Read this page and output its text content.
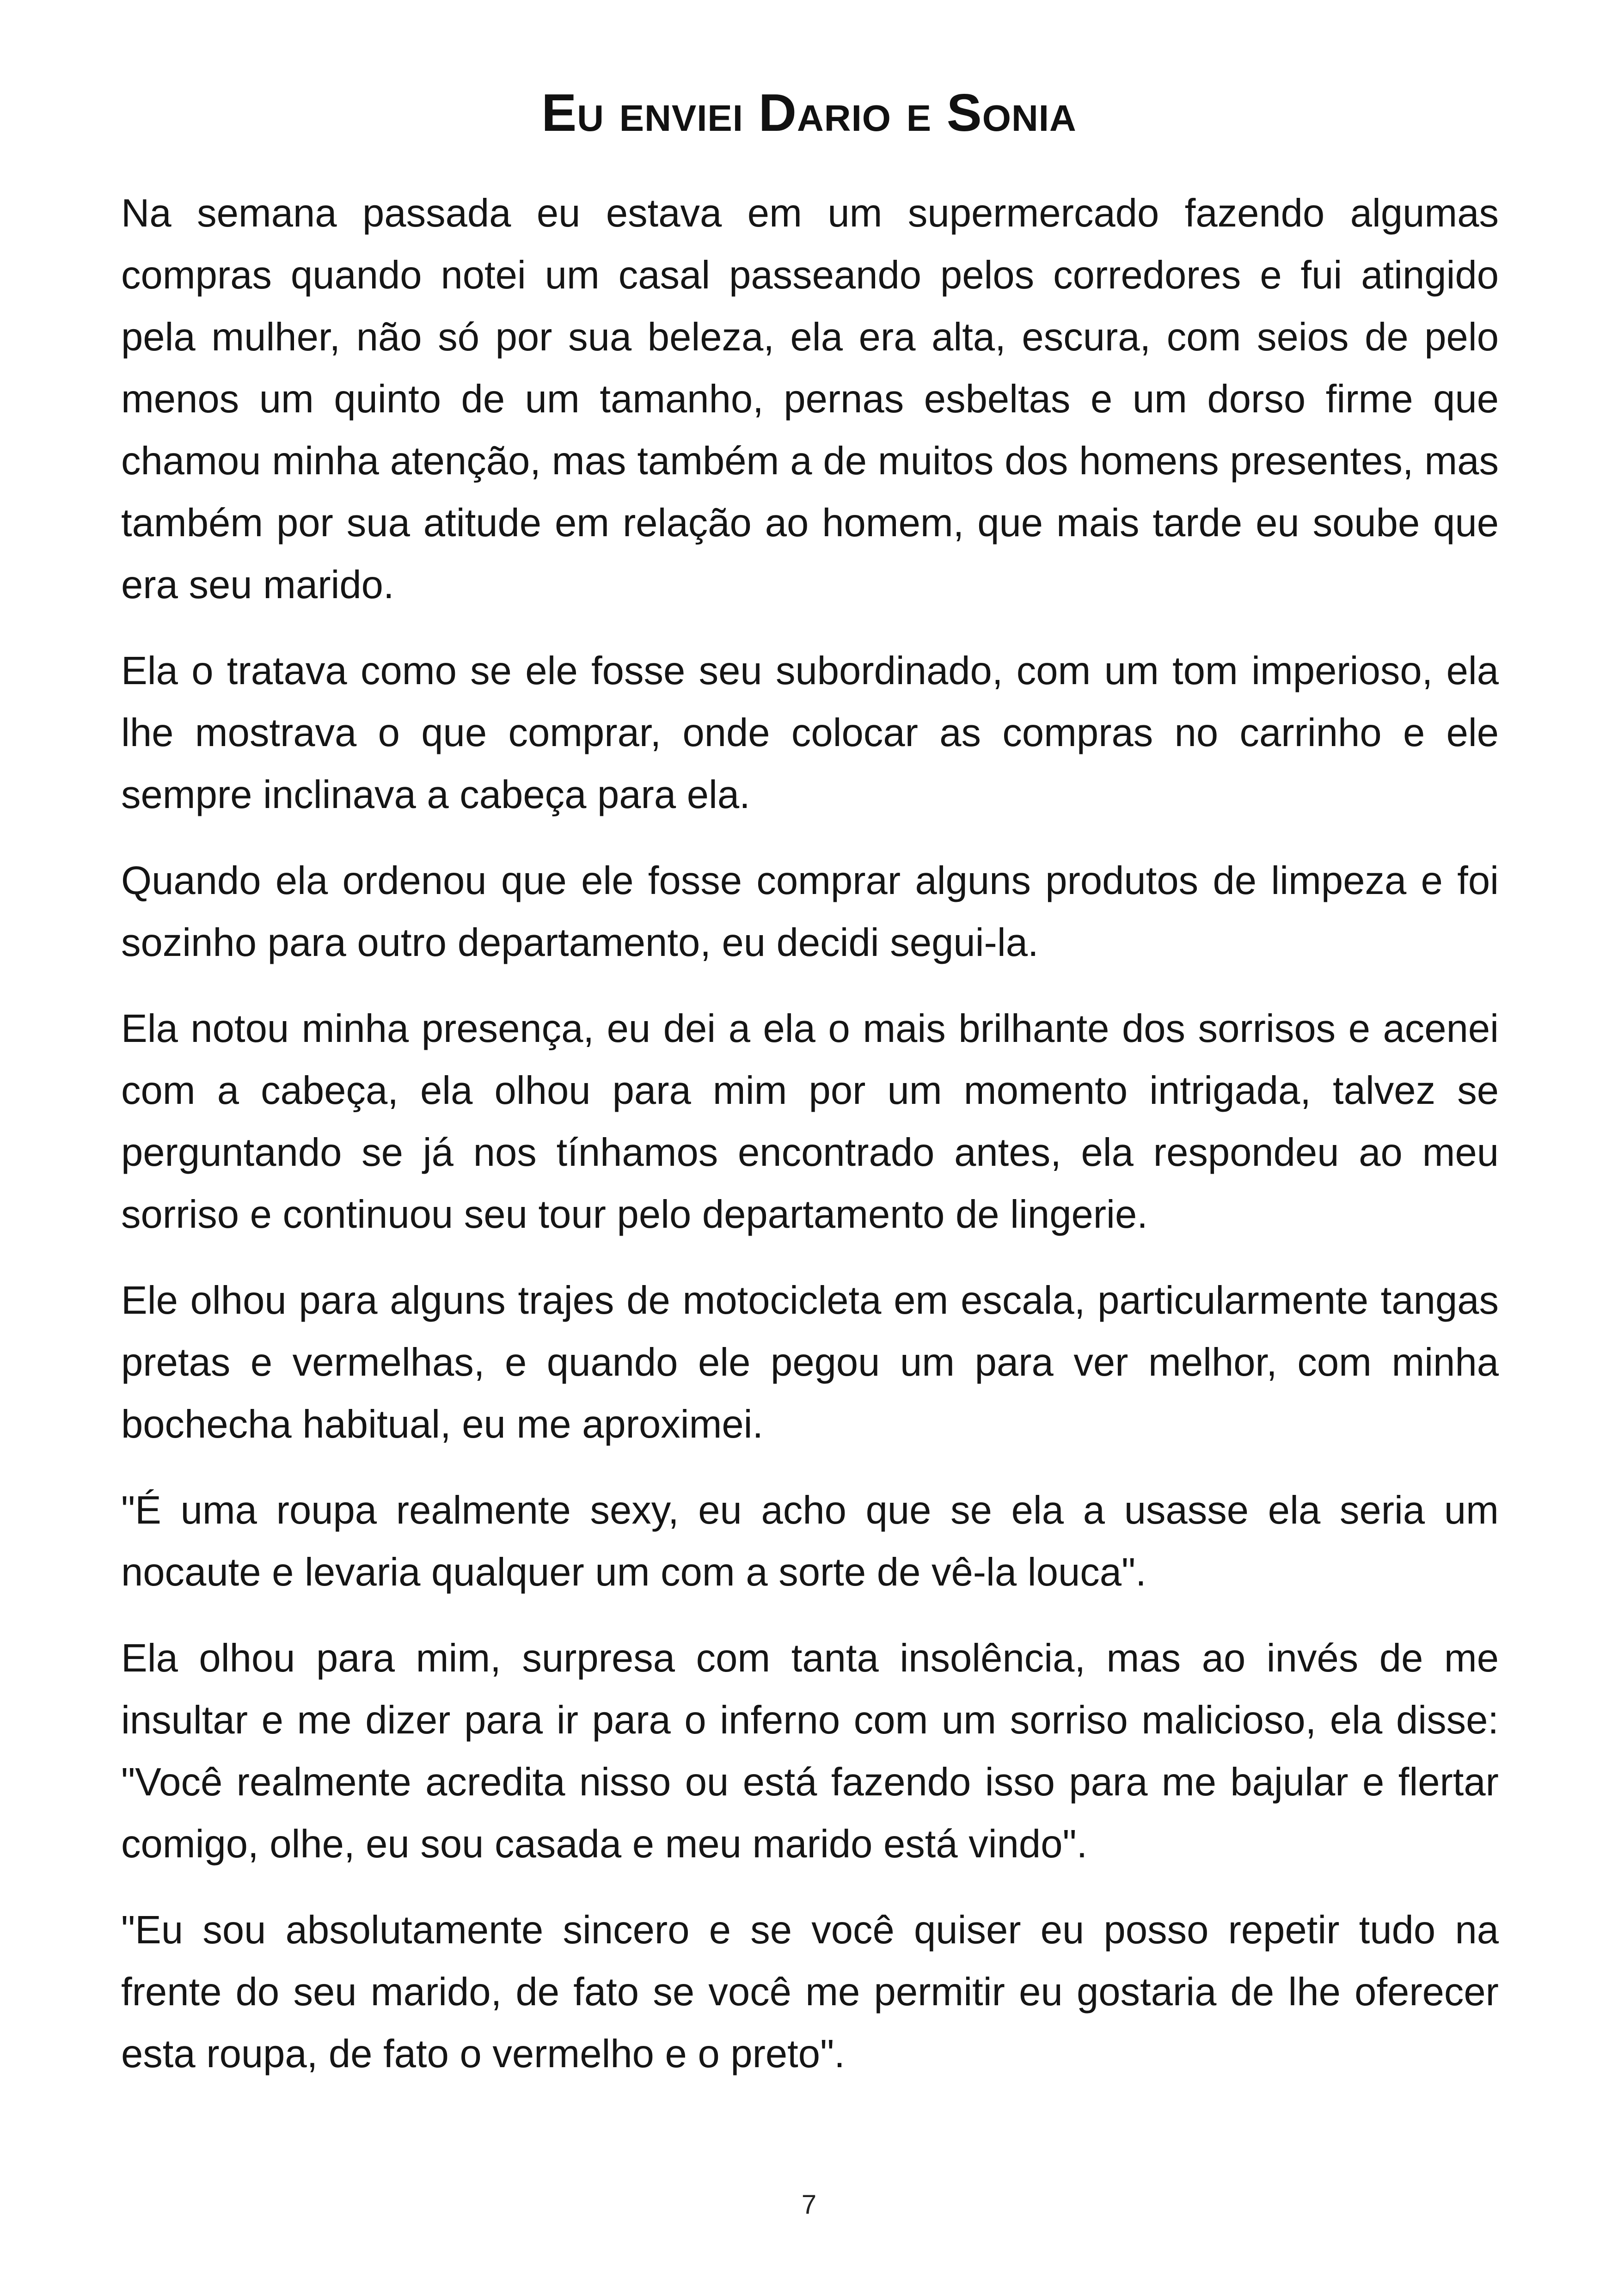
Eu enviei Dario e Sonia

Na semana passada eu estava em um supermercado fazendo algumas compras quando notei um casal passeando pelos corredores e fui atingido pela mulher, não só por sua beleza, ela era alta, escura, com seios de pelo menos um quinto de um tamanho, pernas esbeltas e um dorso firme que chamou minha atenção, mas também a de muitos dos homens presentes, mas também por sua atitude em relação ao homem, que mais tarde eu soube que era seu marido.

Ela o tratava como se ele fosse seu subordinado, com um tom imperioso, ela lhe mostrava o que comprar, onde colocar as compras no carrinho e ele sempre inclinava a cabeça para ela.

Quando ela ordenou que ele fosse comprar alguns produtos de limpeza e foi sozinho para outro departamento, eu decidi segui-la.

Ela notou minha presença, eu dei a ela o mais brilhante dos sorrisos e acenei com a cabeça, ela olhou para mim por um momento intrigada, talvez se perguntando se já nos tínhamos encontrado antes, ela respondeu ao meu sorriso e continuou seu tour pelo departamento de lingerie.

Ele olhou para alguns trajes de motocicleta em escala, particularmente tangas pretas e vermelhas, e quando ele pegou um para ver melhor, com minha bochecha habitual, eu me aproximei.

"É uma roupa realmente sexy, eu acho que se ela a usasse ela seria um nocaute e levaria qualquer um com a sorte de vê-la louca".

Ela olhou para mim, surpresa com tanta insolência, mas ao invés de me insultar e me dizer para ir para o inferno com um sorriso malicioso, ela disse: "Você realmente acredita nisso ou está fazendo isso para me bajular e flertar comigo, olhe, eu sou casada e meu marido está vindo".

"Eu sou absolutamente sincero e se você quiser eu posso repetir tudo na frente do seu marido, de fato se você me permitir eu gostaria de lhe oferecer esta roupa, de fato o vermelho e o preto".

7
